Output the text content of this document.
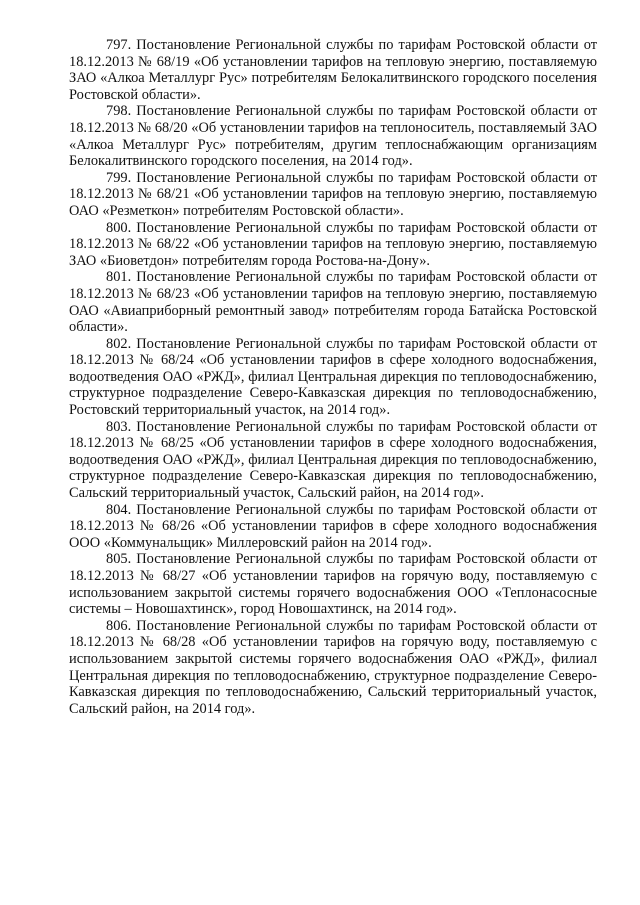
797. Постановление Региональной службы по тарифам Ростовской области от 18.12.2013 № 68/19 «Об установлении тарифов на тепловую энергию, поставляемую ЗАО «Алкоа Металлург Рус» потребителям Белокалитвинского городского поселения Ростовской области».

798. Постановление Региональной службы по тарифам Ростовской области от 18.12.2013 № 68/20 «Об установлении тарифов на теплоноситель, поставляемый ЗАО «Алкоа Металлург Рус» потребителям, другим теплоснабжающим организациям Белокалитвинского городского поселения, на 2014 год».

799. Постановление Региональной службы по тарифам Ростовской области от 18.12.2013 № 68/21 «Об установлении тарифов на тепловую энергию, поставляемую ОАО «Резметкон» потребителям Ростовской области».

800. Постановление Региональной службы по тарифам Ростовской области от 18.12.2013 № 68/22 «Об установлении тарифов на тепловую энергию, поставляемую ЗАО «Биоветдон» потребителям города Ростова-на-Дону».

801. Постановление Региональной службы по тарифам Ростовской области от 18.12.2013 № 68/23 «Об установлении тарифов на тепловую энергию, поставляемую ОАО «Авиаприборный ремонтный завод» потребителям города Батайска Ростовской области».

802. Постановление Региональной службы по тарифам Ростовской области от 18.12.2013 № 68/24 «Об установлении тарифов в сфере холодного водоснабжения, водоотведения ОАО «РЖД», филиал Центральная дирекция по тепловодоснабжению, структурное подразделение Северо-Кавказская дирекция по тепловодоснабжению, Ростовский территориальный участок, на 2014 год».

803. Постановление Региональной службы по тарифам Ростовской области от 18.12.2013 № 68/25 «Об установлении тарифов в сфере холодного водоснабжения, водоотведения ОАО «РЖД», филиал Центральная дирекция по тепловодоснабжению, структурное подразделение Северо-Кавказская дирекция по тепловодоснабжению, Сальский территориальный участок, Сальский район, на 2014 год».

804. Постановление Региональной службы по тарифам Ростовской области от 18.12.2013 № 68/26 «Об установлении тарифов в сфере холодного водоснабжения ООО «Коммунальщик» Миллеровский район на 2014 год».

805. Постановление Региональной службы по тарифам Ростовской области от 18.12.2013 № 68/27 «Об установлении тарифов на горячую воду, поставляемую с использованием закрытой системы горячего водоснабжения ООО «Теплонасосные системы – Новошахтинск», город Новошахтинск, на 2014 год».

806. Постановление Региональной службы по тарифам Ростовской области от 18.12.2013 № 68/28 «Об установлении тарифов на горячую воду, поставляемую с использованием закрытой системы горячего водоснабжения ОАО «РЖД», филиал Центральная дирекция по тепловодоснабжению, структурное подразделение Северо-Кавказская дирекция по тепловодоснабжению, Сальский территориальный участок, Сальский район, на 2014 год».
